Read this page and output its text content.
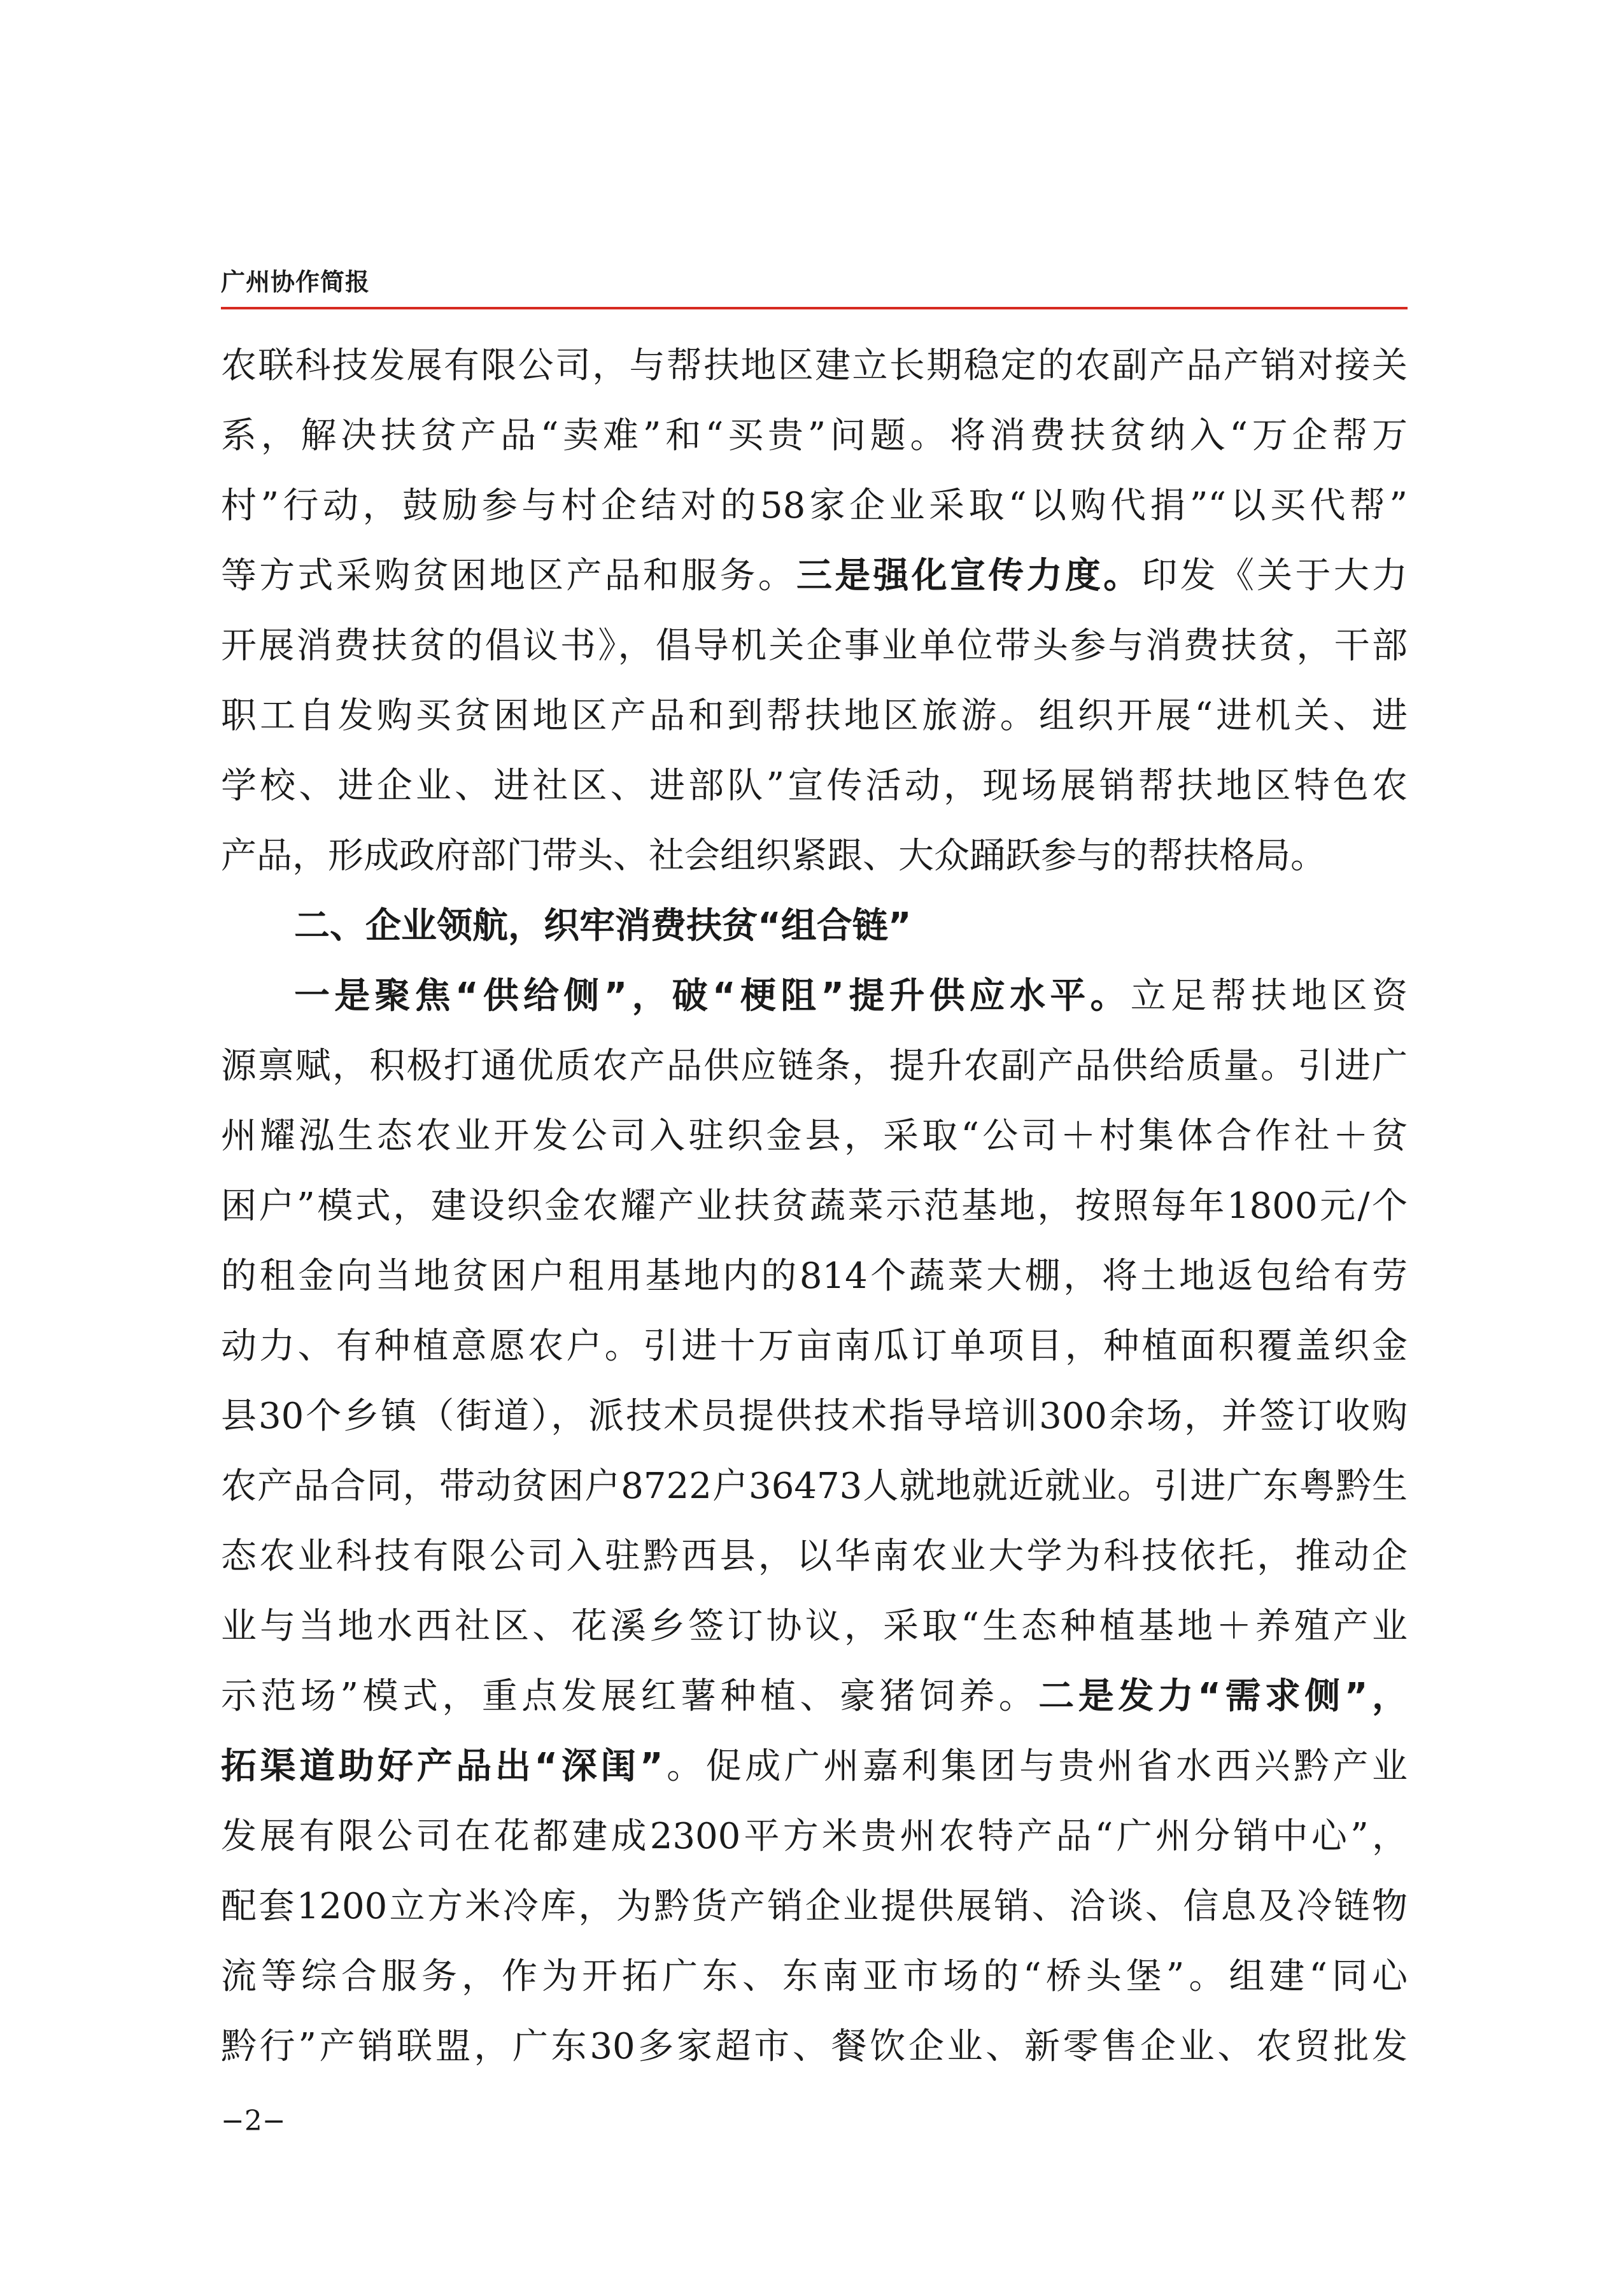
广州协作简报
农联科技发展有限公司，与帮扶地区建立长期稳定的农副产品产销对接关
系，解决扶贫产品“卖难”和“买贵”问题。将消费扶贫纳入“万企帮万
村”行动，鼓励参与村企结对的58家企业采取“以购代捐”“以买代帮”
等方式采购贫困地区产品和服务。三是强化宣传力度。印发《关于大力
开展消费扶贫的倡议书》，倡导机关企事业单位带头参与消费扶贫，干部
职工自发购买贫困地区产品和到帮扶地区旅游。组织开展“进机关、进
学校、进企业、进社区、进部队”宣传活动，现场展销帮扶地区特色农
产品，形成政府部门带头、社会组织紧跟、大众踊跃参与的帮扶格局。
二、企业领航，织牢消费扶贫“组合链”
一是聚焦“供给侧”，破“梗阻”提升供应水平。立足帮扶地区资
源禀赋，积极打通优质农产品供应链条，提升农副产品供给质量。引进广
州耀泓生态农业开发公司入驻织金县，采取“公司＋村集体合作社＋贫
困户”模式，建设织金农耀产业扶贫蔬菜示范基地，按照每年1800元/个
的租金向当地贫困户租用基地内的814个蔬菜大棚，将土地返包给有劳
动力、有种植意愿农户。引进十万亩南瓜订单项目，种植面积覆盖织金
县30个乡镇（街道），派技术员提供技术指导培训300余场，并签订收购
农产品合同，带动贫困户8722户36473人就地就近就业。引进广东粤黔生
态农业科技有限公司入驻黔西县，以华南农业大学为科技依托，推动企
业与当地水西社区、花溪乡签订协议，采取“生态种植基地＋养殖产业
示范场”模式，重点发展红薯种植、豪猪饲养。二是发力“需求侧”，
拓渠道助好产品出“深闺”。促成广州嘉利集团与贵州省水西兴黔产业
发展有限公司在花都建成2300平方米贵州农特产品“广州分销中心”，
配套1200立方米冷库，为黔货产销企业提供展销、洽谈、信息及冷链物
流等综合服务，作为开拓广东、东南亚市场的“桥头堡”。组建“同心
黔行”产销联盟，广东30多家超市、餐饮企业、新零售企业、农贸批发
−2−
